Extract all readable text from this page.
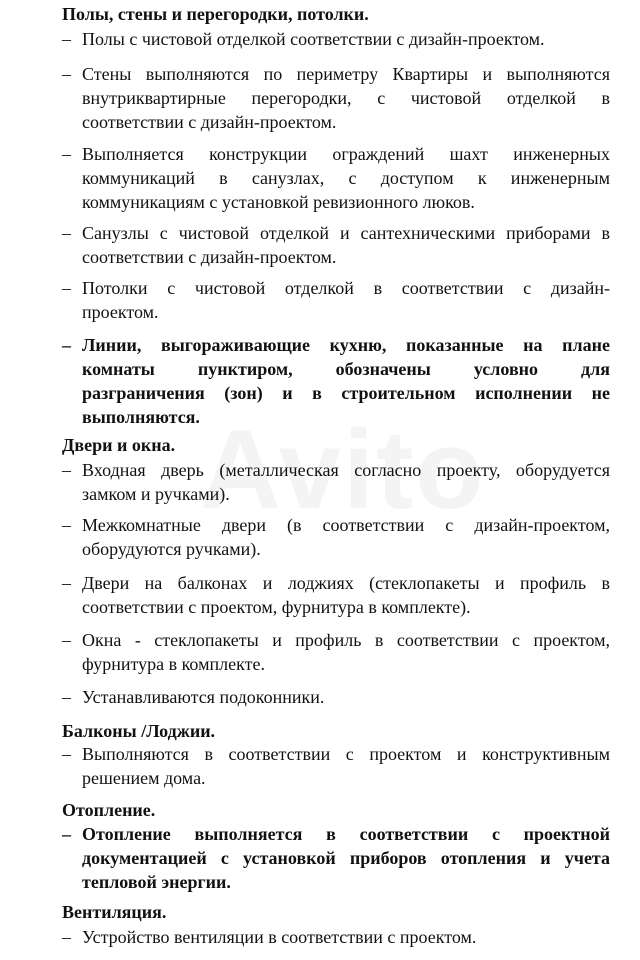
Полы, стены и перегородки, потолки.
– Полы с чистовой отделкой соответствии с дизайн-проектом.
– Стены выполняются по периметру Квартиры и выполняются
внутриквартирные перегородки, с чистовой отделкой в
соответствии с дизайн-проектом.
– Выполняется конструкции ограждений шахт инженерных
коммуникаций в санузлах, с доступом к инженерным
коммуникациям с установкой ревизионного люков.
– Санузлы с чистовой отделкой и сантехническими приборами в
соответствии с дизайн-проектом.
– Потолки с чистовой отделкой в соответствии с дизайн-
проектом.
– Линии, выгораживающие кухню, показанные на плане
комнаты пунктиром, обозначены условно для
разграничения (зон) и в строительном исполнении не
выполняются.
Двери и окна.
– Входная дверь (металлическая согласно проекту, оборудуется
замком и ручками).
– Межкомнатные двери (в соответствии с дизайн-проектом,
оборудуются ручками).
– Двери на балконах и лоджиях (стеклопакеты и профиль в
соответствии с проектом, фурнитура в комплекте).
– Окна - стеклопакеты и профиль в соответствии с проектом,
фурнитура в комплекте.
– Устанавливаются подоконники.
Балконы /Лоджии.
– Выполняются в соответствии с проектом и конструктивным
решением дома.
Отопление.
– Отопление выполняется в соответствии с проектной
документацией с установкой приборов отопления и учета
тепловой энергии.
Вентиляция.
– Устройство вентиляции в соответствии с проектом.
